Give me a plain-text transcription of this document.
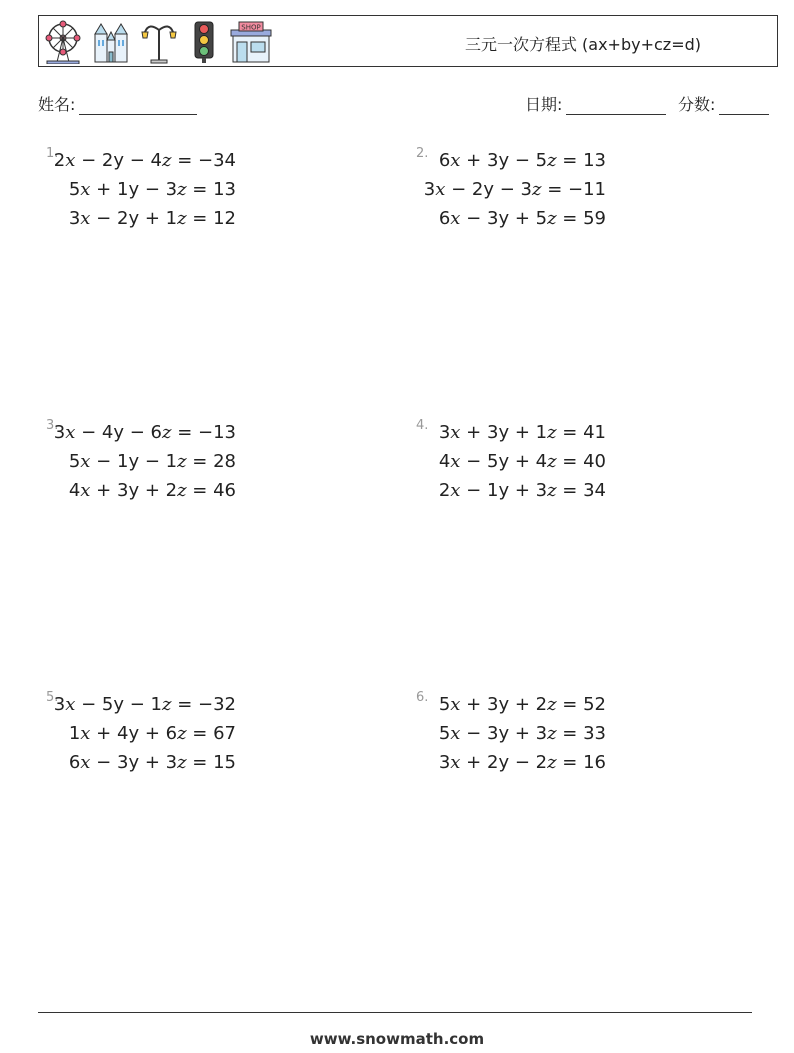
SHOP
三元一次方程式 (ax+by+cz=d)
姓名:	日期:	分数:
1.
2x − 2y − 4z = −34
5x + 1y − 3z = 13
3x − 2y + 1z = 12
2. 6x + 3y − 5z = 13
3x − 2y − 3z = −11
6x − 3y + 5z = 59
3.
3x − 4y − 6z = −13
5x − 1y − 1z = 28
4x + 3y + 2z = 46
4. 3x + 3y + 1z = 41
4x − 5y + 4z = 40
2x − 1y + 3z = 34
5.
3x − 5y − 1z = −32
1x + 4y + 6z = 67
6x − 3y + 3z = 15
6. 5x + 3y + 2z = 52
5x − 3y + 3z = 33
3x + 2y − 2z = 16
www.snowmath.com
